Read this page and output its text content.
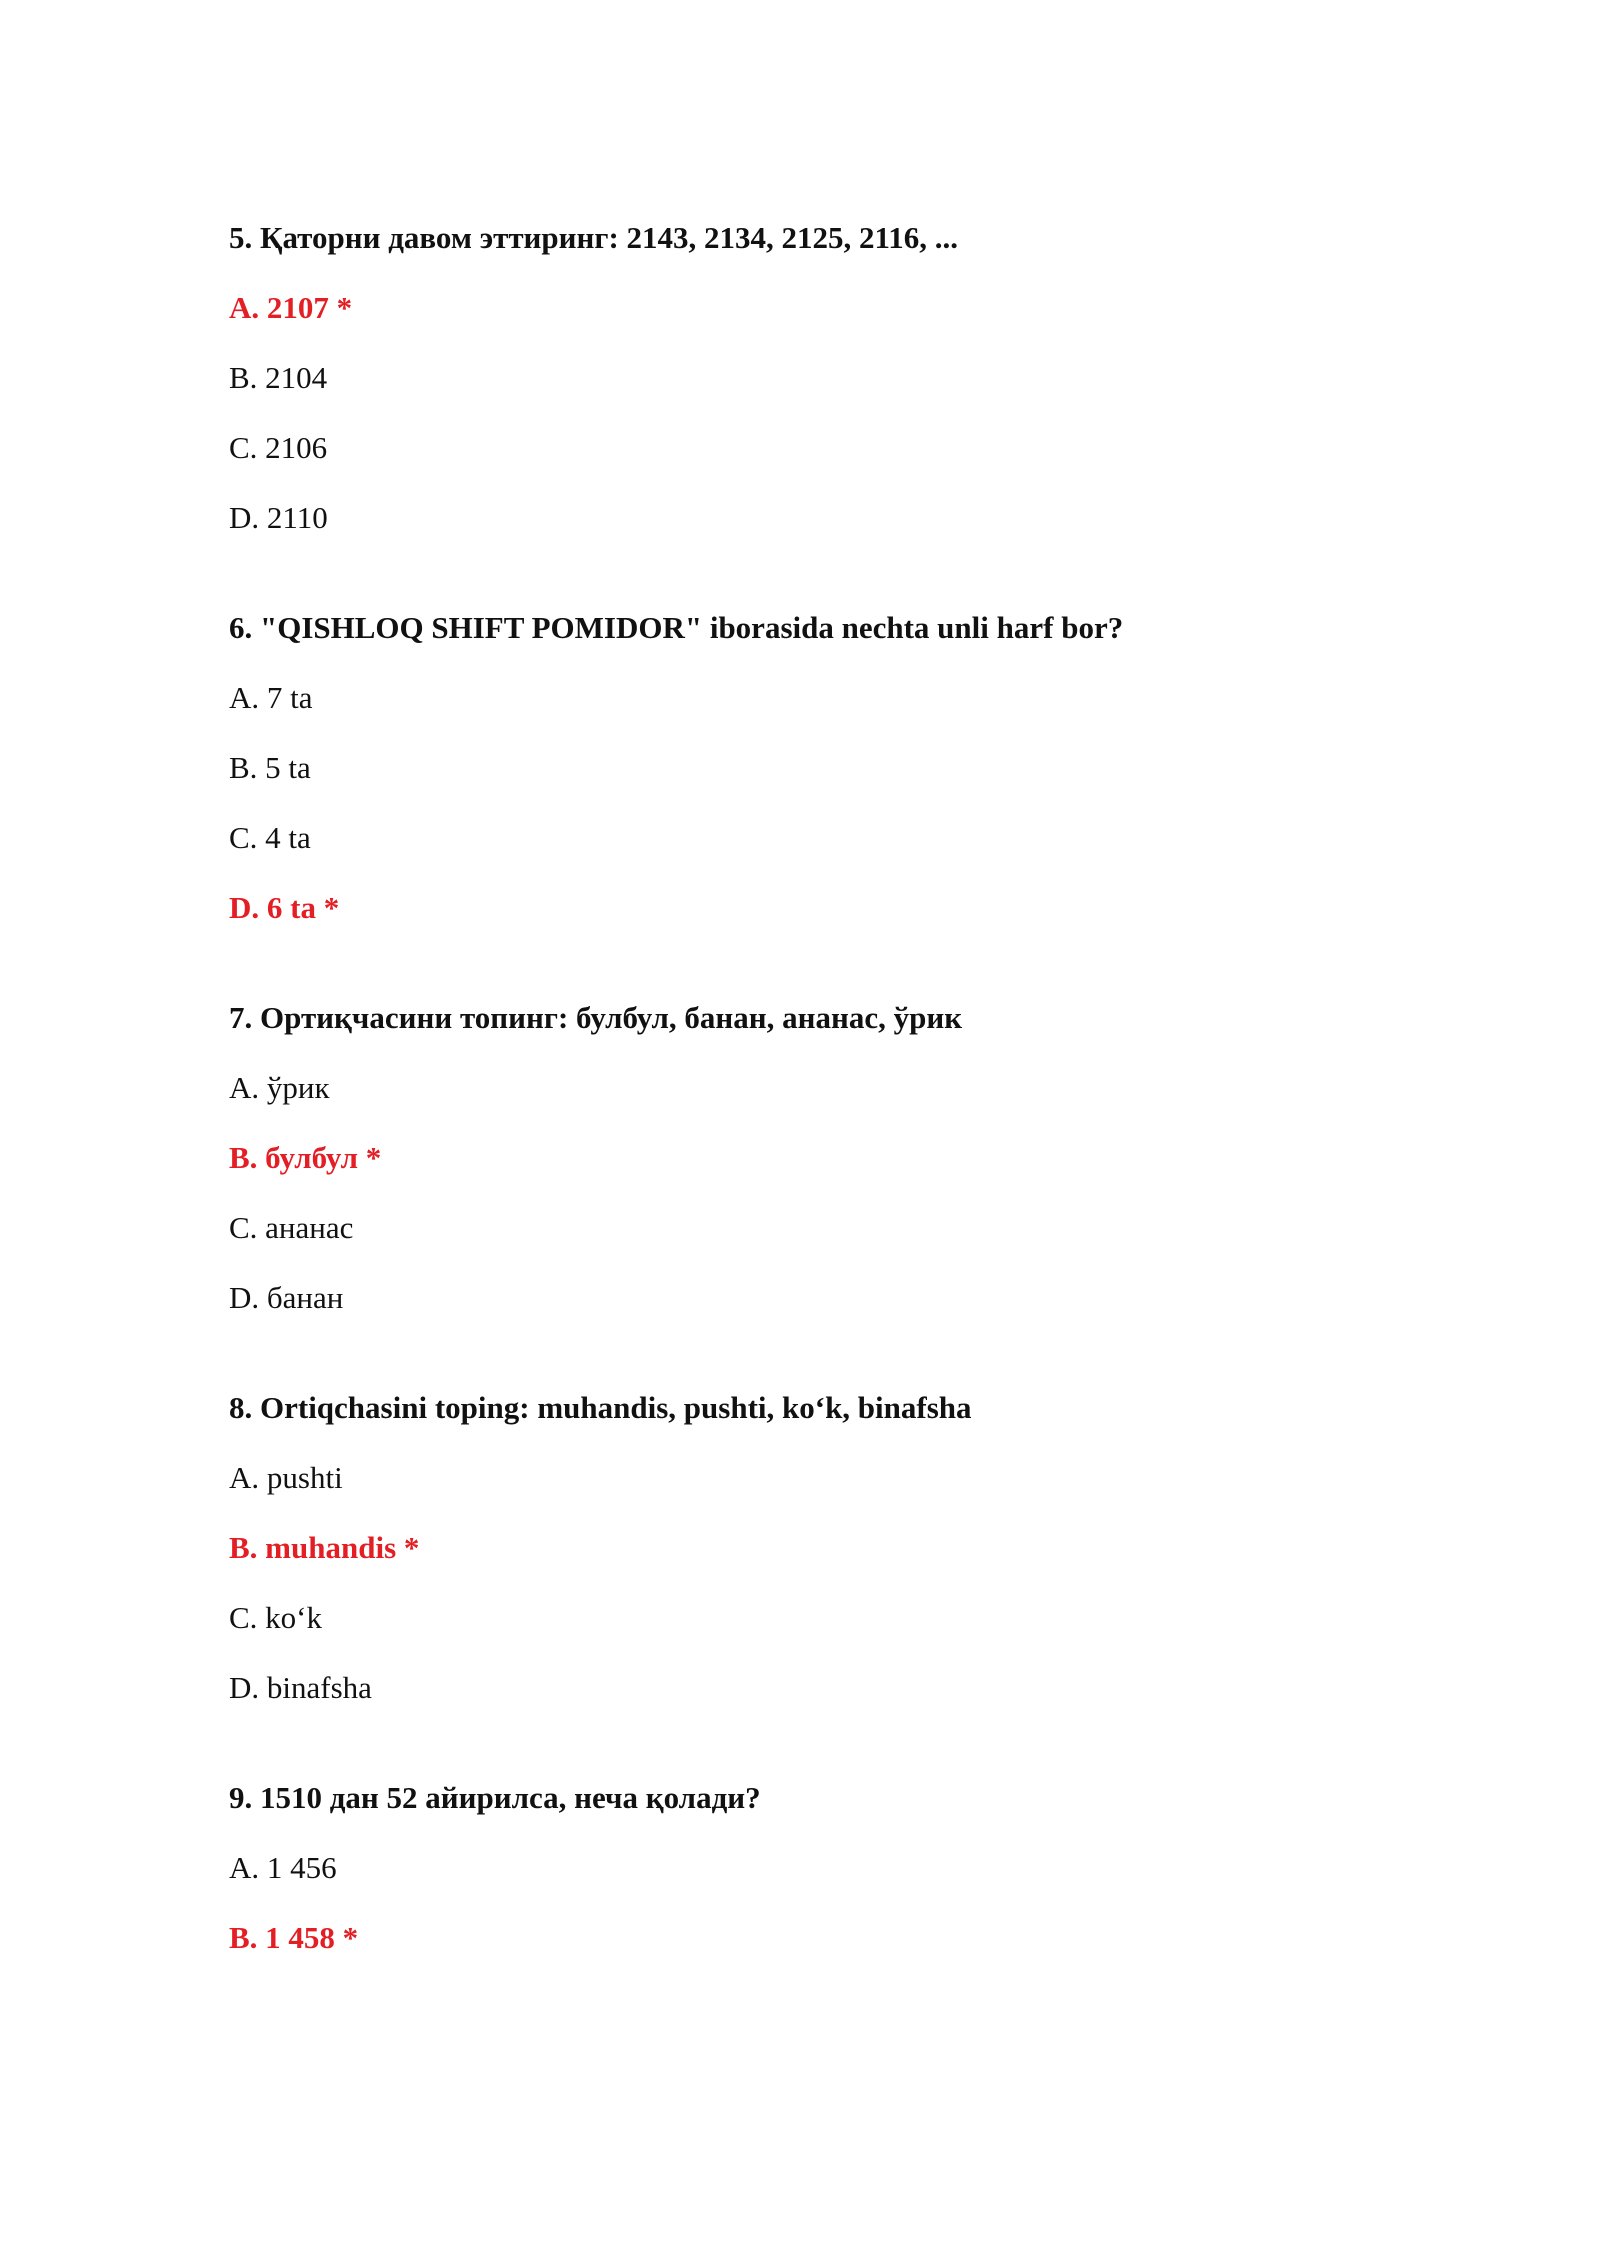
5. Қаторни давом эттиринг: 2143, 2134, 2125, 2116, ...
A. 2107 *
B. 2104
C. 2106
D. 2110
6. "QISHLOQ SHIFT POMIDOR" iborasida nechta unli harf bor?
A. 7 ta
B. 5 ta
C. 4 ta
D. 6 ta *
7. Ортиқчасини топинг: булбул, банан, ананас, ўрик
A. ўрик
B. булбул *
C. ананас
D. банан
8. Ortiqchasini toping: muhandis, pushti, ko‘k, binafsha
A. pushti
B. muhandis *
C. ko‘k
D. binafsha
9. 1510 дан 52 айирилса, неча қолади?
A. 1 456
B. 1 458 *
